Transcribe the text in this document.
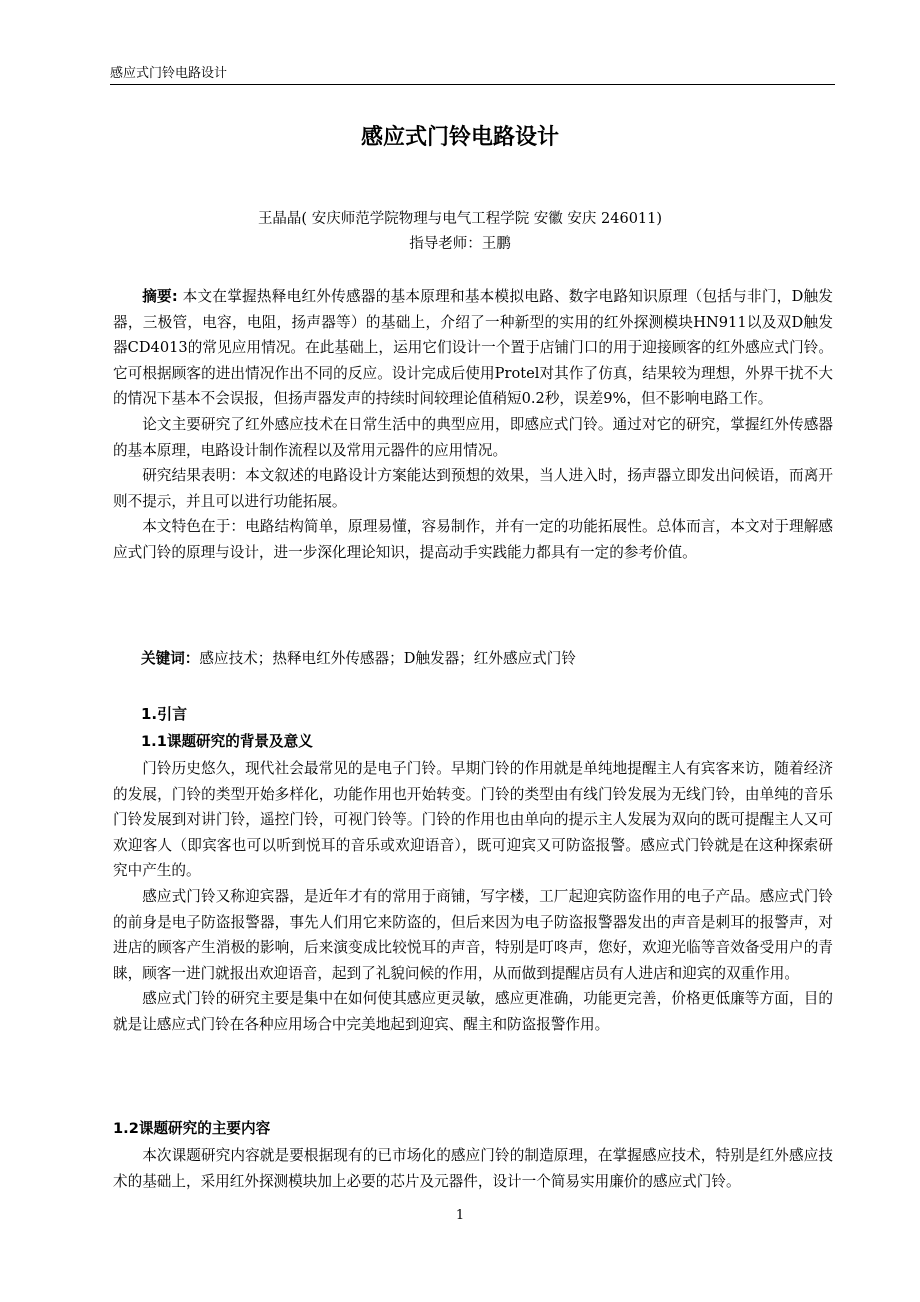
感应式门铃电路设计
感应式门铃电路设计
王晶晶( 安庆师范学院物理与电气工程学院 安徽 安庆 246011)
指导老师：王鹏

摘要: 本文在掌握热释电红外传感器的基本原理和基本模拟电路、数字电路知识原理（包括与非门，D触发器，三极管，电容，电阻，扬声器等）的基础上，介绍了一种新型的实用的红外探测模块HN911以及双D触发器CD4013的常见应用情况。在此基础上，运用它们设计一个置于店铺门口的用于迎接顾客的红外感应式门铃。它可根据顾客的进出情况作出不同的反应。设计完成后使用Protel对其作了仿真，结果较为理想，外界干扰不大的情况下基本不会误报，但扬声器发声的持续时间较理论值稍短0.2秒，误差9%，但不影响电路工作。

论文主要研究了红外感应技术在日常生活中的典型应用，即感应式门铃。通过对它的研究，掌握红外传感器的基本原理，电路设计制作流程以及常用元器件的应用情况。

研究结果表明：本文叙述的电路设计方案能达到预想的效果，当人进入时，扬声器立即发出问候语，而离开则不提示，并且可以进行功能拓展。

本文特色在于：电路结构简单，原理易懂，容易制作，并有一定的功能拓展性。总体而言，本文对于理解感应式门铃的原理与设计，进一步深化理论知识，提高动手实践能力都具有一定的参考价值。

关键词：感应技术；热释电红外传感器；D触发器；红外感应式门铃
1.引言
1.1课题研究的背景及意义

门铃历史悠久，现代社会最常见的是电子门铃。早期门铃的作用就是单纯地提醒主人有宾客来访，随着经济的发展，门铃的类型开始多样化，功能作用也开始转变。门铃的类型由有线门铃发展为无线门铃，由单纯的音乐门铃发展到对讲门铃，遥控门铃，可视门铃等。门铃的作用也由单向的提示主人发展为双向的既可提醒主人又可欢迎客人（即宾客也可以听到悦耳的音乐或欢迎语音），既可迎宾又可防盗报警。感应式门铃就是在这种探索研究中产生的。

感应式门铃又称迎宾器，是近年才有的常用于商铺，写字楼，工厂起迎宾防盗作用的电子产品。感应式门铃的前身是电子防盗报警器，事先人们用它来防盗的，但后来因为电子防盗报警器发出的声音是刺耳的报警声，对进店的顾客产生消极的影响，后来演变成比较悦耳的声音，特别是叮咚声，您好，欢迎光临等音效备受用户的青睐，顾客一进门就报出欢迎语音，起到了礼貌问候的作用，从而做到提醒店员有人进店和迎宾的双重作用。

感应式门铃的研究主要是集中在如何使其感应更灵敏，感应更准确，功能更完善，价格更低廉等方面，目的就是让感应式门铃在各种应用场合中完美地起到迎宾、醒主和防盗报警作用。

1.2课题研究的主要内容

本次课题研究内容就是要根据现有的已市场化的感应门铃的制造原理，在掌握感应技术，特别是红外感应技术的基础上，采用红外探测模块加上必要的芯片及元器件，设计一个简易实用廉价的感应式门铃。

1
